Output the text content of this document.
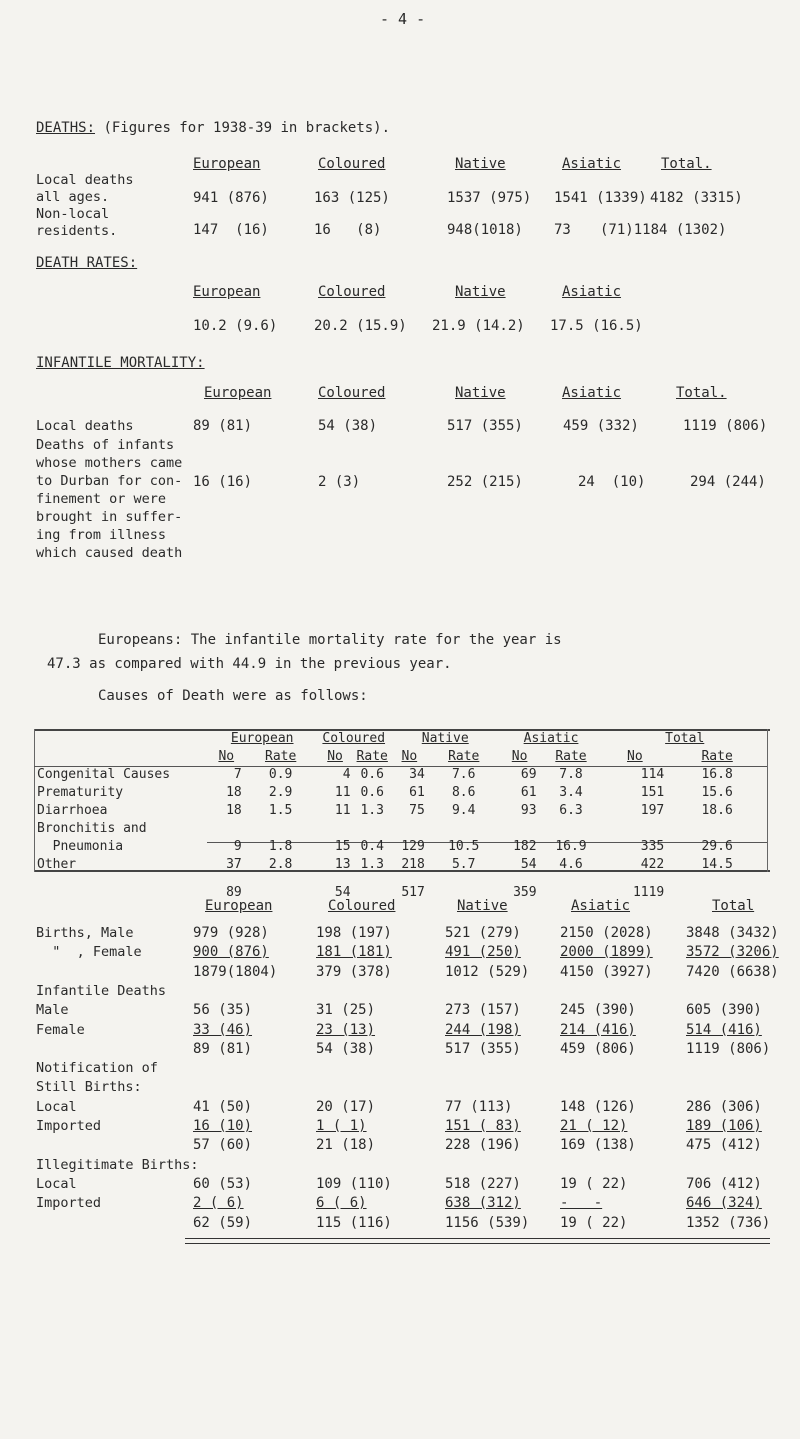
- 4 -
DEATHS: (Figures for 1938-39 in brackets).
European	Coloured	Native	Asiatic	Total.
Local deaths
all ages.	941 (876)	163 (125)	1537 (975) 1541 (1339) 4182 (3315)
Non-local
residents.	147  (16)	16   (8)	948(1018) 73 (71)1184 (1302)
DEATH RATES:
European	Coloured	Native	Asiatic
10.2 (9.6)	20.2 (15.9) 21.9 (14.2) 17.5 (16.5)
INFANTILE MORTALITY:
European	Coloured	Native	Asiatic	Total.
Local deaths	89 (81)	54 (38)	517 (355)	459 (332)	1119 (806)
Deaths of infants
whose mothers came
to Durban for con-
finement or were
brought in suffer-
ing from illness
which caused death
16 (16)	2 (3)	252 (215)	24  (10)	294 (244)
Europeans: The infantile mortality rate for the year is
47.3 as compared with 44.9 in the previous year.
Causes of Death were as follows:
	European		Coloured		Native		Asiatic		Total	
	No	Rate	No	Rate	No	Rate	No	Rate	No	Rate
Congenital Causes	7	0.9	4	0.6	34	7.6	69	7.8	114	16.8
Prematurity	18	2.9	11	0.6	61	8.6	61	3.4	151	15.6
Diarrhoea	18	1.5	11	1.3	75	9.4	93	6.3	197	18.6
Bronchitis and										
Pneumonia	9	1.8	15	0.4	129	10.5	182	16.9	335	29.6
Other	37	2.8	13	1.3	218	5.7	54	4.6	422	14.5

	89		54		517		359		1119	
European	Coloured	Native	Asiatic	Total
Births, Male	979 (928)	198 (197)	521 (279)	2150 (2028) 3848 (3432)
"  , Female	900 (876)	181 (181)	491 (250)	2000 (1899) 3572 (3206)
1879(1804)	379 (378)	1012 (529) 4150 (3927) 7420 (6638)
Infantile Deaths
Male	56 (35)	31 (25)	273 (157)	245 (390)	605 (390)
Female	33 (46)	23 (13)	244 (198)	214 (416)	514 (416)
89 (81)	54 (38)	517 (355)	459 (806)	1119 (806)
Notification of
Still Births:
Local	41 (50)	20 (17)	77 (113)	148 (126)	286 (306)
Imported	16 (10)	1 ( 1)	151 ( 83)	21 ( 12)	189 (106)
57 (60)	21 (18)	228 (196)	169 (138)	475 (412)
Illegitimate Births:
Local	60 (53)	109 (110)	518 (227)	19 ( 22)	706 (412)
Imported	2 ( 6)	6 ( 6)	638 (312)	-   -	646 (324)
62 (59)	115 (116)	1156 (539) 19 ( 22)	1352 (736)
